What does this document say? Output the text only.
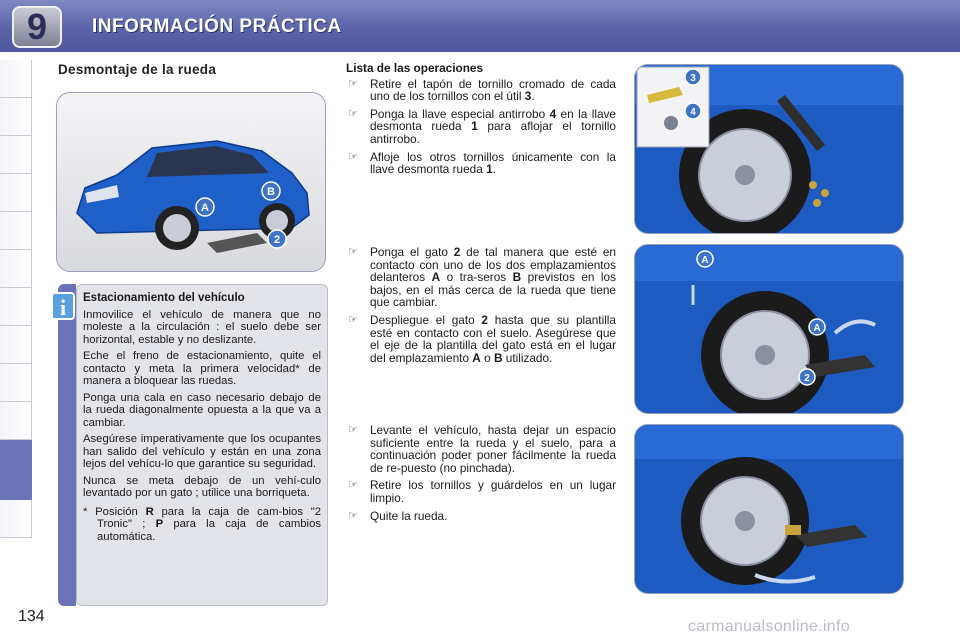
9	INFORMACIÓN PRÁCTICA
Desmontaje de la rueda
A
B
2
i	Estacionamiento del vehículo

Inmovilice el vehículo de manera que no moleste a la circulación : el suelo debe ser horizontal, estable y no deslizante.

Eche el freno de estacionamiento, quite el contacto y meta la primera velocidad* de manera a bloquear las ruedas.

Ponga una cala en caso necesario debajo de la rueda diagonalmente opuesta a la que va a cambiar.

Asegúrese imperativamente que los ocupantes han salido del vehículo y están en una zona lejos del vehícu-lo que garantice su seguridad.

Nunca se meta debajo de un vehí-culo levantado por un gato ; utilice una borriqueta.

* Posición R para la caja de cam-bios "2 Tronic" ; P para la caja de cambios automática.

Lista de las operaciones
☞ Retire el tapón de tornillo cromado de cada uno de los tornillos con el útil 3.
☞ Ponga la llave especial antirrobo 4 en la llave desmonta rueda 1 para aflojar el tornillo antirrobo.
☞ Afloje los otros tornillos únicamente con la llave desmonta rueda 1.
☞ Ponga el gato 2 de tal manera que esté en contacto con uno de los dos emplazamientos delanteros A o tra-seros B previstos en los bajos, en el más cerca de la rueda que tiene que cambiar.
☞ Despliegue el gato 2 hasta que su plantilla esté en contacto con el suelo. Asegúrese que el eje de la plantilla del gato está en el lugar del emplazamiento A o B utilizado.
☞ Levante el vehículo, hasta dejar un espacio suficiente entre la rueda y el suelo, para a continuación poder poner fácilmente la rueda de re-puesto (no pinchada).
☞ Retire los tornillos y guárdelos en un lugar limpio.
☞ Quite la rueda.
3
4
A
A
2
134
carmanualsonline.info
